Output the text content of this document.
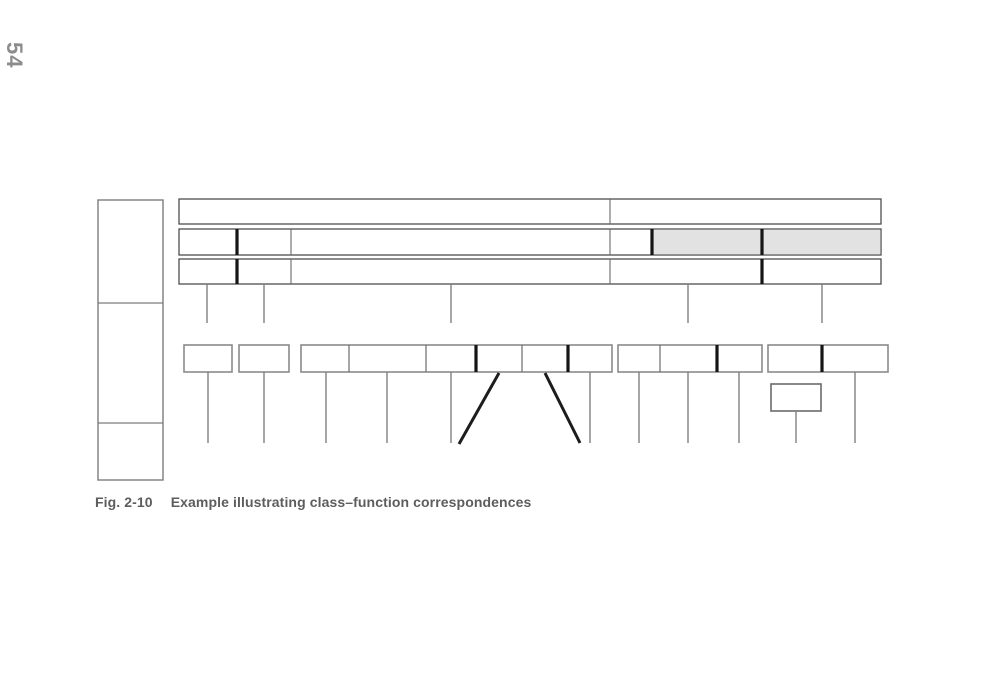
54
Fig. 2-10 Example illustrating class–function correspondences
